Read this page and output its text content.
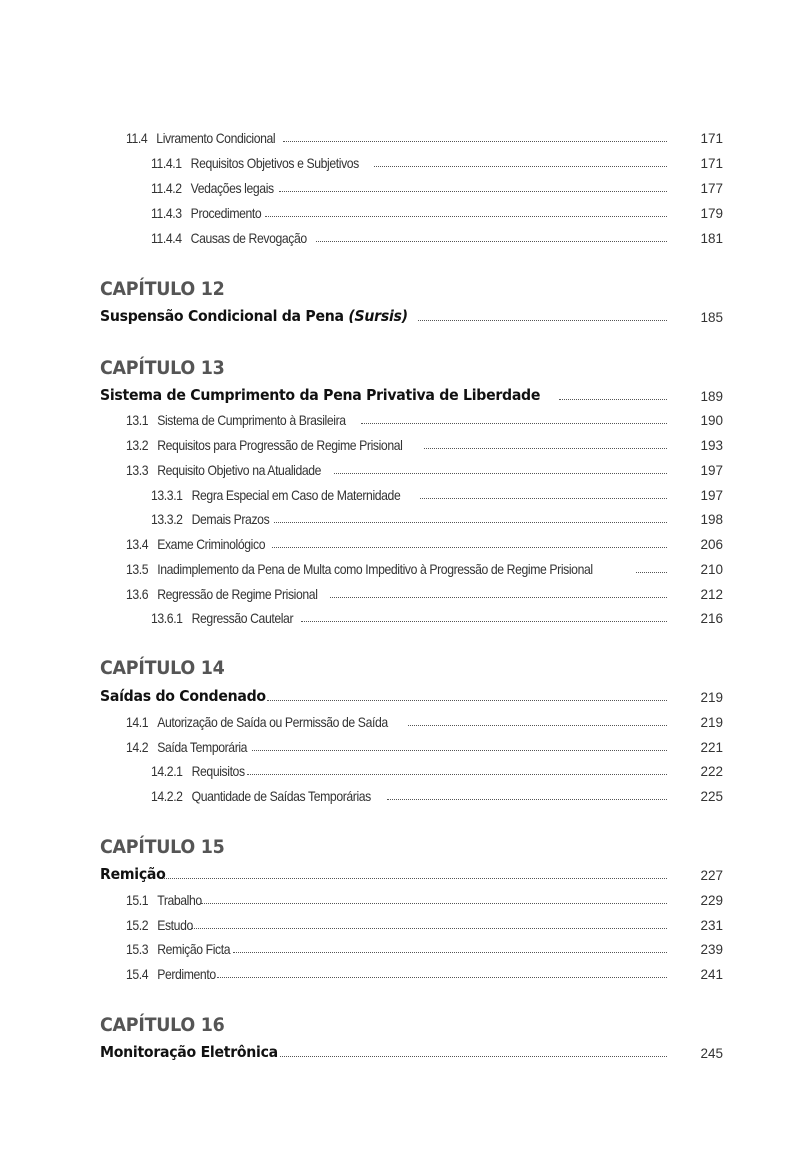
11.4 Livramento Condicional	171
11.4.1 Requisitos Objetivos e Subjetivos	171
11.4.2 Vedações legais	177
11.4.3 Procedimento	179
11.4.4 Causas de Revogação	181
CAPÍTULO 12
Suspensão Condicional da Pena (Sursis)	185
CAPÍTULO 13
Sistema de Cumprimento da Pena Privativa de Liberdade	189
13.1 Sistema de Cumprimento à Brasileira	190
13.2 Requisitos para Progressão de Regime Prisional	193
13.3 Requisito Objetivo na Atualidade	197
13.3.1 Regra Especial em Caso de Maternidade	197
13.3.2 Demais Prazos	198
13.4 Exame Criminológico	206
13.5 Inadimplemento da Pena de Multa como Impeditivo à Progressão de Regime Prisional	210
13.6 Regressão de Regime Prisional	212
13.6.1 Regressão Cautelar	216
CAPÍTULO 14
Saídas do Condenado	219
14.1 Autorização de Saída ou Permissão de Saída	219
14.2 Saída Temporária	221
14.2.1 Requisitos	222
14.2.2 Quantidade de Saídas Temporárias	225
CAPÍTULO 15
Remição	227
15.1 Trabalho	229
15.2 Estudo	231
15.3 Remição Ficta	239
15.4 Perdimento	241
CAPÍTULO 16
Monitoração Eletrônica	245
